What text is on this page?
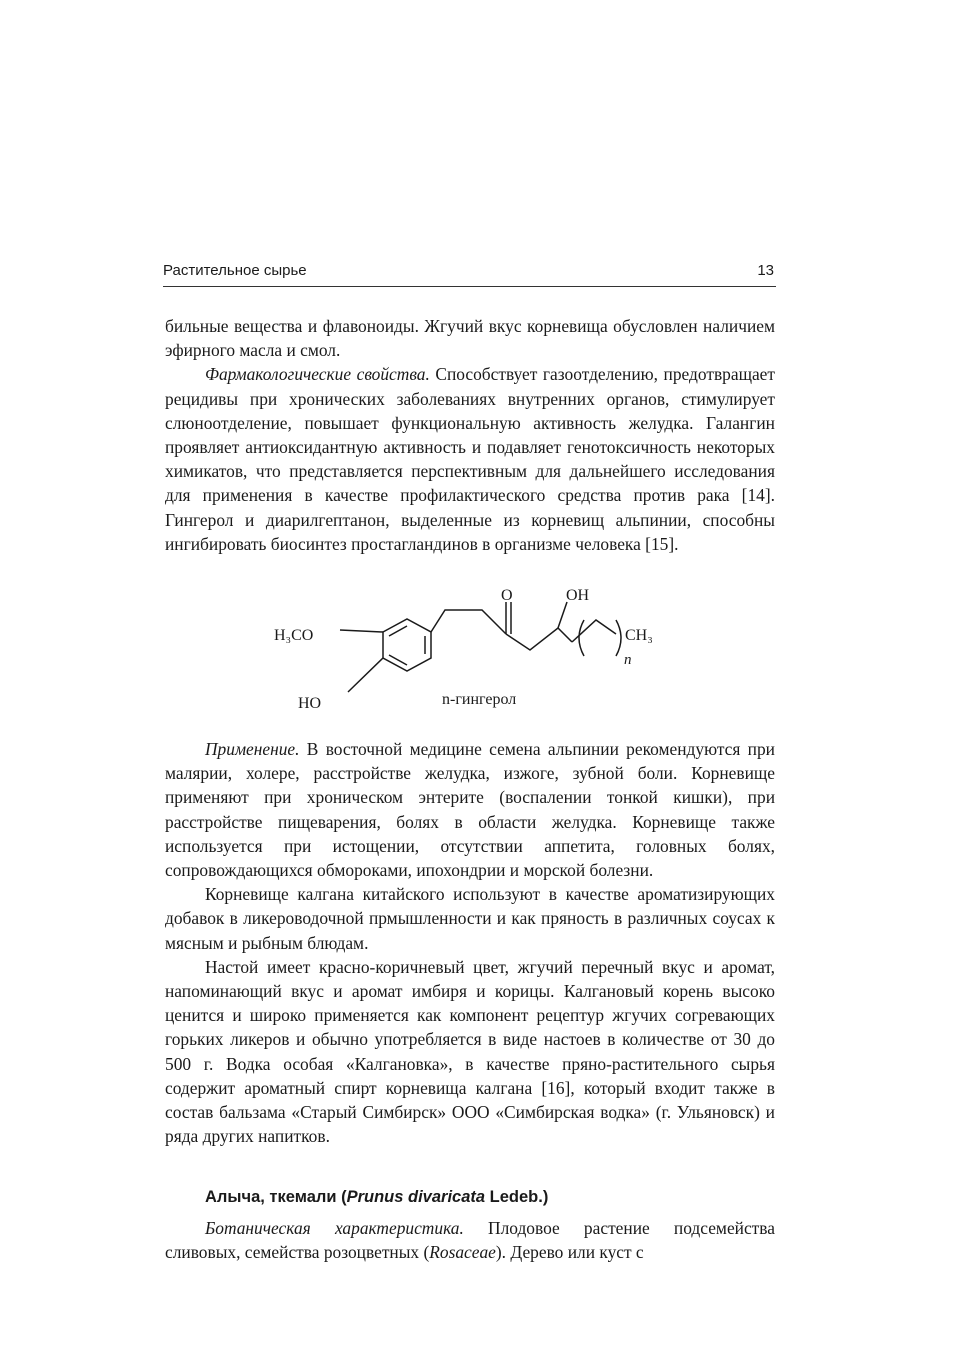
Растительное сырье	13

бильные вещества и флавоноиды. Жгучий вкус корневища обусловлен наличием эфирного масла и смол.

Фармакологические свойства. Способствует газоотделению, предотвращает рецидивы при хронических заболеваниях внутренних органов, стимулирует слюноотделение, повышает функциональную активность желудка. Галангин проявляет антиоксидантную активность и подавляет генотоксичность некоторых химикатов, что представляется перспективным для дальнейшего исследования для применения в качестве профилактического средства против рака [14]. Гингерол и диарилгептанон, выделенные из корневищ альпинии, способны ингибировать биосинтез простагландинов в организме человека [15].

H₃CO
HO
O	OH
CH₃
n
n-гингерол

Применение. В восточной медицине семена альпинии рекомендуются при малярии, холере, расстройстве желудка, изжоге, зубной боли. Корневище применяют при хроническом энтерите (воспалении тонкой кишки), при расстройстве пищеварения, болях в области желудка. Корневище также используется при истощении, отсутствии аппетита, головных болях, сопровождающихся обмороками, ипохондрии и морской болезни.

Корневище калгана китайского используют в качестве ароматизирующих добавок в ликероводочной прмышленности и как пряность в различных соусах к мясным и рыбным блюдам.

Настой имеет красно-коричневый цвет, жгучий перечный вкус и аромат, напоминающий вкус и аромат имбиря и корицы. Калгановый корень высоко ценится и широко применяется как компонент рецептур жгучих согревающих горьких ликеров и обычно употребляется в виде настоев в количестве от 30 до 500 г. Водка особая «Калгановка», в качестве пряно-растительного сырья содержит ароматный спирт корневища калгана [16], который входит также в состав бальзама «Старый Симбирск» ООО «Симбирская водка» (г. Ульяновск) и ряда других напитков.

Алыча, ткемали (Prunus divaricata Ledeb.)

Ботаническая характеристика. Плодовое растение подсемейства сливовых, семейства розоцветных (Rosaceae). Дерево или куст с
